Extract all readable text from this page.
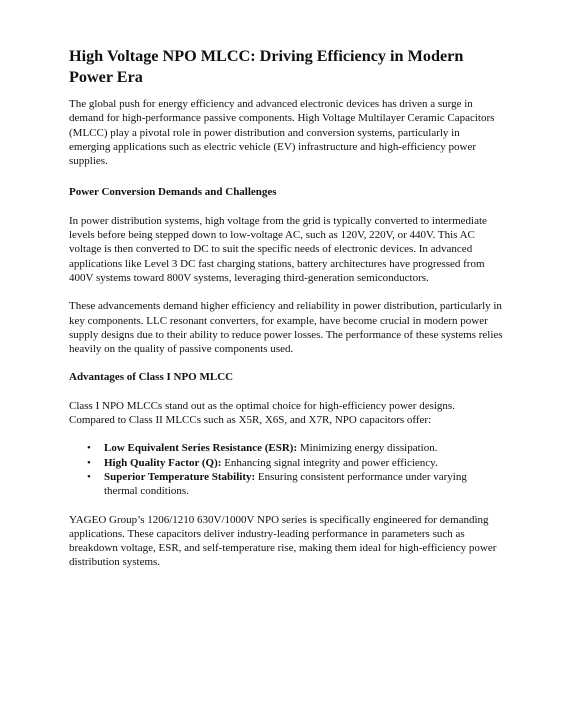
High Voltage NPO MLCC: Driving Efficiency in Modern Power Era

The global push for energy efficiency and advanced electronic devices has driven a surge in demand for high-performance passive components. High Voltage Multilayer Ceramic Capacitors (MLCC) play a pivotal role in power distribution and conversion systems, particularly in emerging applications such as electric vehicle (EV) infrastructure and high-efficiency power supplies.

Power Conversion Demands and Challenges

In power distribution systems, high voltage from the grid is typically converted to intermediate levels before being stepped down to low-voltage AC, such as 120V, 220V, or 440V. This AC voltage is then converted to DC to suit the specific needs of electronic devices. In advanced applications like Level 3 DC fast charging stations, battery architectures have progressed from 400V systems toward 800V systems, leveraging third-generation semiconductors.

These advancements demand higher efficiency and reliability in power distribution, particularly in key components. LLC resonant converters, for example, have become crucial in modern power supply designs due to their ability to reduce power losses. The performance of these systems relies heavily on the quality of passive components used.

Advantages of Class I NPO MLCC

Class I NPO MLCCs stand out as the optimal choice for high-efficiency power designs. Compared to Class II MLCCs such as X5R, X6S, and X7R, NPO capacitors offer:

• Low Equivalent Series Resistance (ESR): Minimizing energy dissipation.
• High Quality Factor (Q): Enhancing signal integrity and power efficiency.
• Superior Temperature Stability: Ensuring consistent performance under varying thermal conditions.

YAGEO Group’s 1206/1210 630V/1000V NPO series is specifically engineered for demanding applications. These capacitors deliver industry-leading performance in parameters such as breakdown voltage, ESR, and self-temperature rise, making them ideal for high-efficiency power distribution systems.
